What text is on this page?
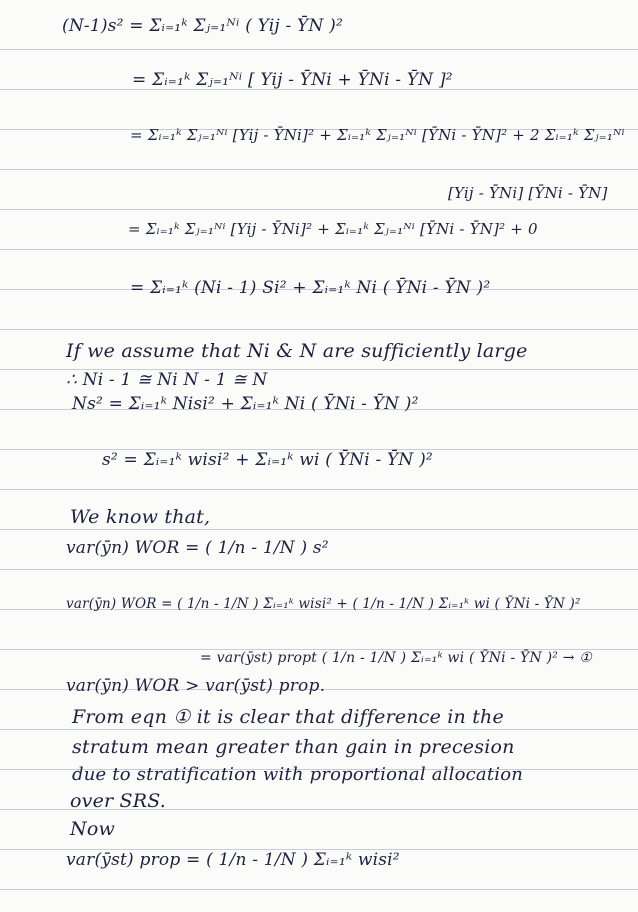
(N-1)s² = Σᵢ₌₁ᵏ Σⱼ₌₁ᴺⁱ ( Yij - ȲN )²
= Σᵢ₌₁ᵏ Σⱼ₌₁ᴺⁱ [ Yij - ȲNi + ȲNi - ȲN ]²
= Σᵢ₌₁ᵏ Σⱼ₌₁ᴺⁱ [Yij - ȲNi]² + Σᵢ₌₁ᵏ Σⱼ₌₁ᴺⁱ [ȲNi - ȲN]² + 2 Σᵢ₌₁ᵏ Σⱼ₌₁ᴺⁱ
[Yij - ȲNi] [ȲNi - ȲN]
= Σᵢ₌₁ᵏ Σⱼ₌₁ᴺⁱ [Yij - ȲNi]² + Σᵢ₌₁ᵏ Σⱼ₌₁ᴺⁱ [ȲNi - ȲN]² + 0
= Σᵢ₌₁ᵏ (Ni - 1) Si² + Σᵢ₌₁ᵏ Ni ( ȲNi - ȲN )²
If we assume that Ni & N are sufficiently large
∴ Ni - 1 ≅ Ni N - 1 ≅ N
Ns² = Σᵢ₌₁ᵏ Nisi² + Σᵢ₌₁ᵏ Ni ( ȲNi - ȲN )²
s² = Σᵢ₌₁ᵏ wisi² + Σᵢ₌₁ᵏ wi ( ȲNi - ȲN )²
We know that,
var(ȳn) WOR = ( 1/n - 1/N ) s²
var(ȳn) WOR = ( 1/n - 1/N ) Σᵢ₌₁ᵏ wisi² + ( 1/n - 1/N ) Σᵢ₌₁ᵏ wi ( ȲNi - ȲN )²
= var(ȳst) propt ( 1/n - 1/N ) Σᵢ₌₁ᵏ wi ( ȲNi - ȲN )² → ①
var(ȳn) WOR > var(ȳst) prop.
From eqn ① it is clear that difference in the
stratum mean greater than gain in precesion
due to stratification with proportional allocation
over SRS.
Now
var(ȳst) prop = ( 1/n - 1/N ) Σᵢ₌₁ᵏ wisi²
